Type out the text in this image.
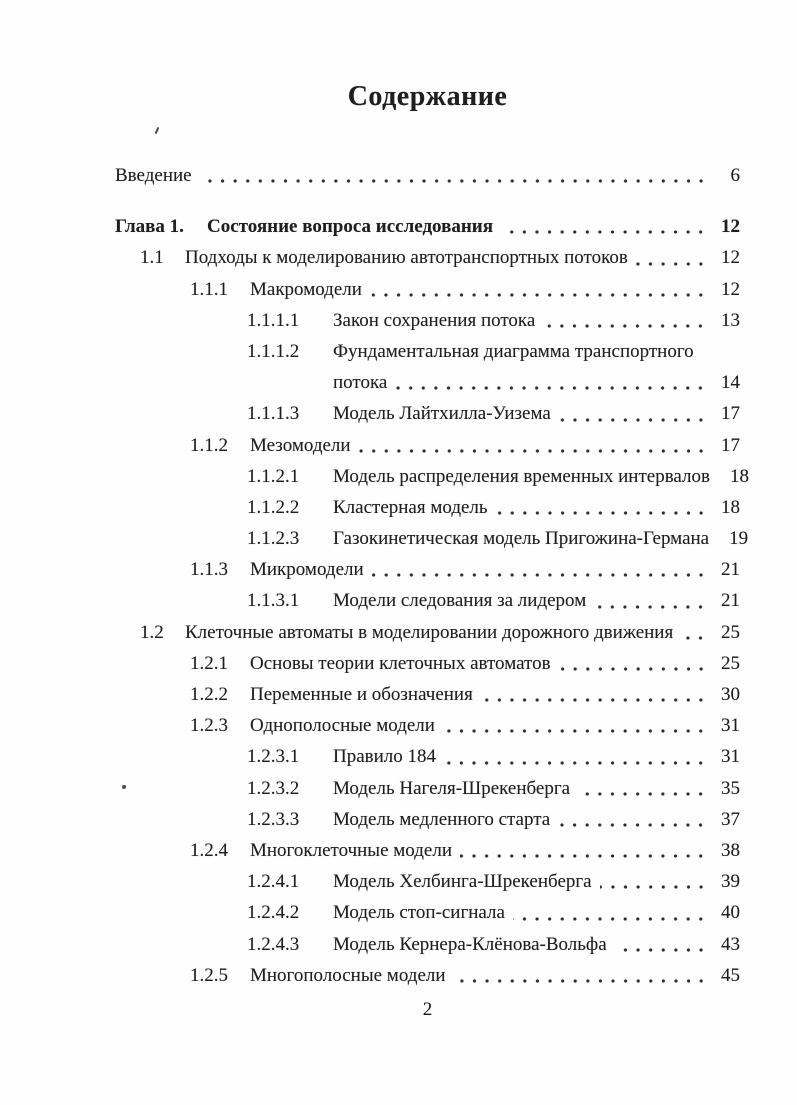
Содержание
Введение	6
Глава 1.	Состояние вопроса исследования	12
1.1	Подходы к моделированию автотранспортных потоков	12
1.1.1	Макромодели	12
1.1.1.1	Закон сохранения потока	13
1.1.1.2	Фундаментальная диаграмма транспортного
потока	14
1.1.1.3	Модель Лайтхилла-Уизема	17
1.1.2	Мезомодели	17
1.1.2.1	Модель распределения временных интервалов	18
1.1.2.2	Кластерная модель	18
1.1.2.3	Газокинетическая модель Пригожина-Германа	19
1.1.3	Микромодели	21
1.1.3.1	Модели следования за лидером	21
1.2	Клеточные автоматы в моделировании дорожного движения	25
1.2.1	Основы теории клеточных автоматов	25
1.2.2	Переменные и обозначения	30
1.2.3	Однополосные модели	31
1.2.3.1	Правило 184	31
1.2.3.2	Модель Нагеля-Шрекенберга	35
1.2.3.3	Модель медленного старта	37
1.2.4	Многоклеточные модели	38
1.2.4.1	Модель Хелбинга-Шрекенберга	39
1.2.4.2	Модель стоп-сигнала	40
1.2.4.3	Модель Кернера-Клёнова-Вольфа	43
1.2.5	Многополосные модели	45
2
